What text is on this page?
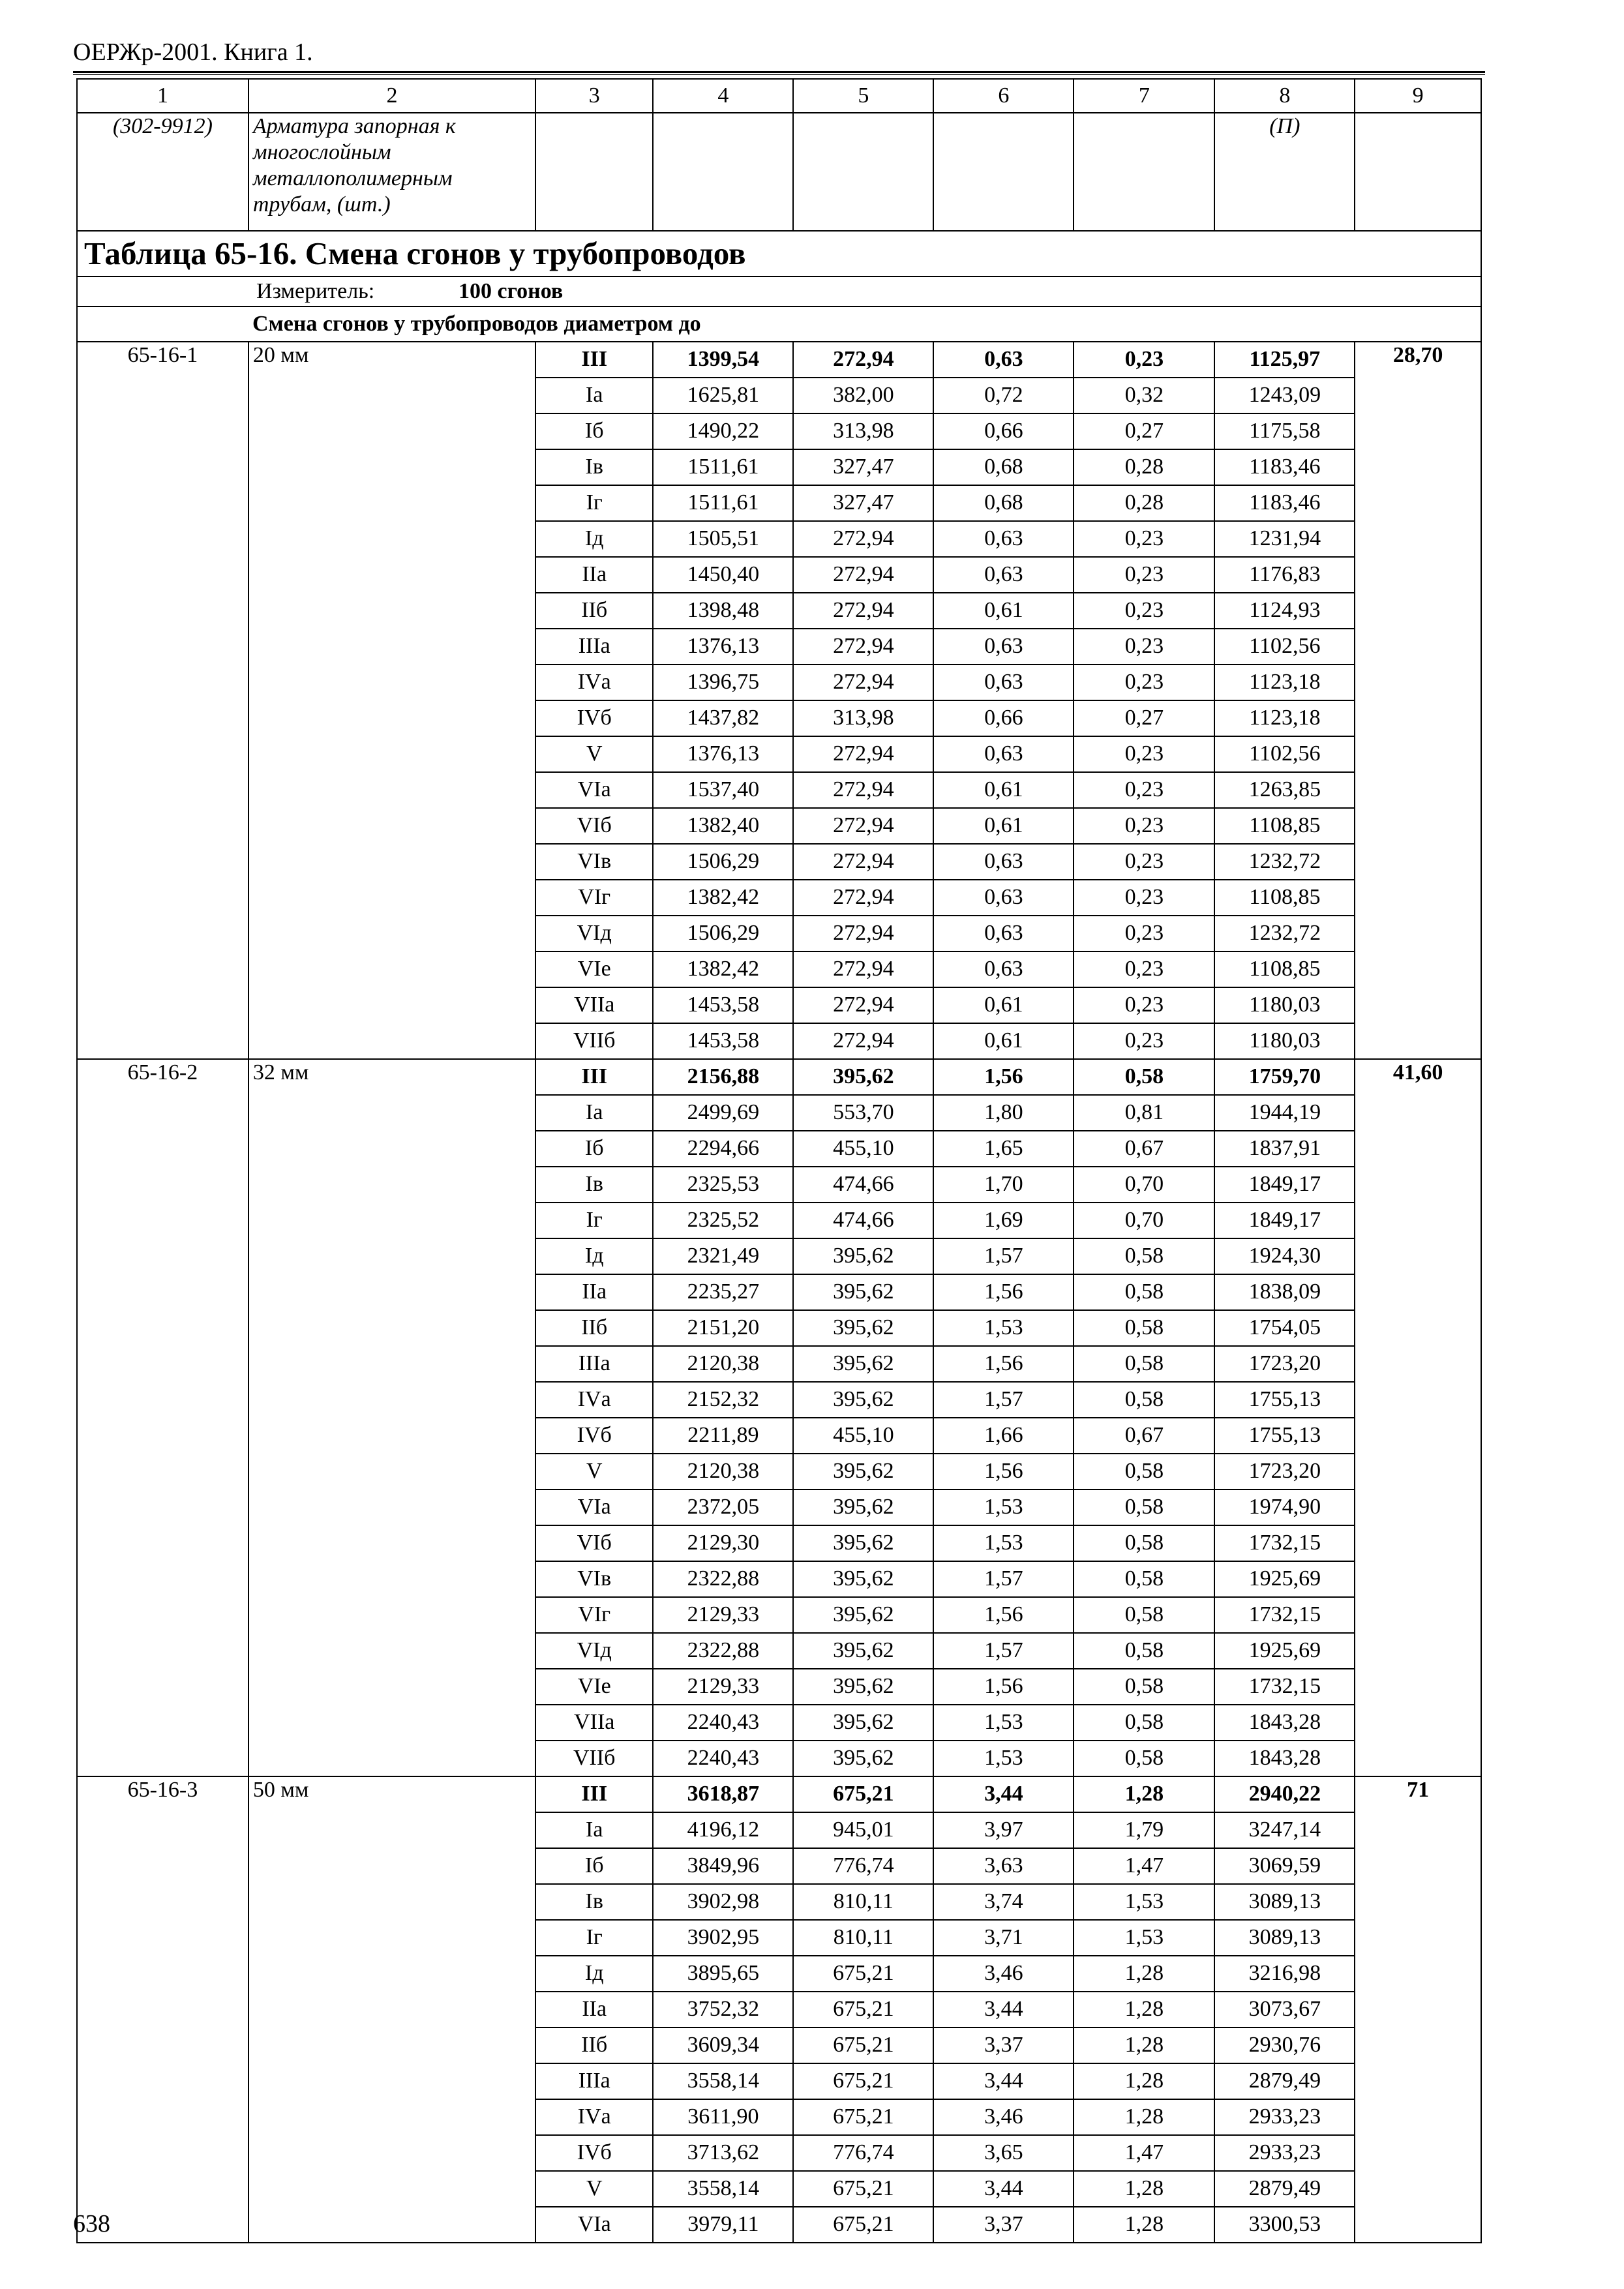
ОЕРЖр-2001. Книга 1.
1	2	3	4	5	6	7	8	9
(302-9912)	Арматура запорная к многослойным металлополимерным трубам, (шт.)						(П)	
Таблица 65-16. Смена сгонов у трубопроводов								
Измеритель: 100 сгонов								
Смена сгонов у трубопроводов диаметром до								
65-16-1	20 мм	III	1399,54	272,94	0,63	0,23	1125,97	28,70
		Iа	1625,81	382,00	0,72	0,32	1243,09	
		Iб	1490,22	313,98	0,66	0,27	1175,58	
		Iв	1511,61	327,47	0,68	0,28	1183,46	
		Iг	1511,61	327,47	0,68	0,28	1183,46	
		Iд	1505,51	272,94	0,63	0,23	1231,94	
		IIа	1450,40	272,94	0,63	0,23	1176,83	
		IIб	1398,48	272,94	0,61	0,23	1124,93	
		IIIа	1376,13	272,94	0,63	0,23	1102,56	
		IVа	1396,75	272,94	0,63	0,23	1123,18	
		IVб	1437,82	313,98	0,66	0,27	1123,18	
		V	1376,13	272,94	0,63	0,23	1102,56	
		VIа	1537,40	272,94	0,61	0,23	1263,85	
		VIб	1382,40	272,94	0,61	0,23	1108,85	
		VIв	1506,29	272,94	0,63	0,23	1232,72	
		VIг	1382,42	272,94	0,63	0,23	1108,85	
		VIд	1506,29	272,94	0,63	0,23	1232,72	
		VIе	1382,42	272,94	0,63	0,23	1108,85	
		VIIа	1453,58	272,94	0,61	0,23	1180,03	
		VIIб	1453,58	272,94	0,61	0,23	1180,03	
65-16-2	32 мм	III	2156,88	395,62	1,56	0,58	1759,70	41,60
		Iа	2499,69	553,70	1,80	0,81	1944,19	
		Iб	2294,66	455,10	1,65	0,67	1837,91	
		Iв	2325,53	474,66	1,70	0,70	1849,17	
		Iг	2325,52	474,66	1,69	0,70	1849,17	
		Iд	2321,49	395,62	1,57	0,58	1924,30	
		IIа	2235,27	395,62	1,56	0,58	1838,09	
		IIб	2151,20	395,62	1,53	0,58	1754,05	
		IIIа	2120,38	395,62	1,56	0,58	1723,20	
		IVа	2152,32	395,62	1,57	0,58	1755,13	
		IVб	2211,89	455,10	1,66	0,67	1755,13	
		V	2120,38	395,62	1,56	0,58	1723,20	
		VIа	2372,05	395,62	1,53	0,58	1974,90	
		VIб	2129,30	395,62	1,53	0,58	1732,15	
		VIв	2322,88	395,62	1,57	0,58	1925,69	
		VIг	2129,33	395,62	1,56	0,58	1732,15	
		VIд	2322,88	395,62	1,57	0,58	1925,69	
		VIе	2129,33	395,62	1,56	0,58	1732,15	
		VIIа	2240,43	395,62	1,53	0,58	1843,28	
		VIIб	2240,43	395,62	1,53	0,58	1843,28	
65-16-3	50 мм	III	3618,87	675,21	3,44	1,28	2940,22	71
		Iа	4196,12	945,01	3,97	1,79	3247,14	
		Iб	3849,96	776,74	3,63	1,47	3069,59	
		Iв	3902,98	810,11	3,74	1,53	3089,13	
		Iг	3902,95	810,11	3,71	1,53	3089,13	
		Iд	3895,65	675,21	3,46	1,28	3216,98	
		IIа	3752,32	675,21	3,44	1,28	3073,67	
		IIб	3609,34	675,21	3,37	1,28	2930,76	
		IIIа	3558,14	675,21	3,44	1,28	2879,49	
		IVа	3611,90	675,21	3,46	1,28	2933,23	
		IVб	3713,62	776,74	3,65	1,47	2933,23	
		V	3558,14	675,21	3,44	1,28	2879,49	
		VIа	3979,11	675,21	3,37	1,28	3300,53	
638
